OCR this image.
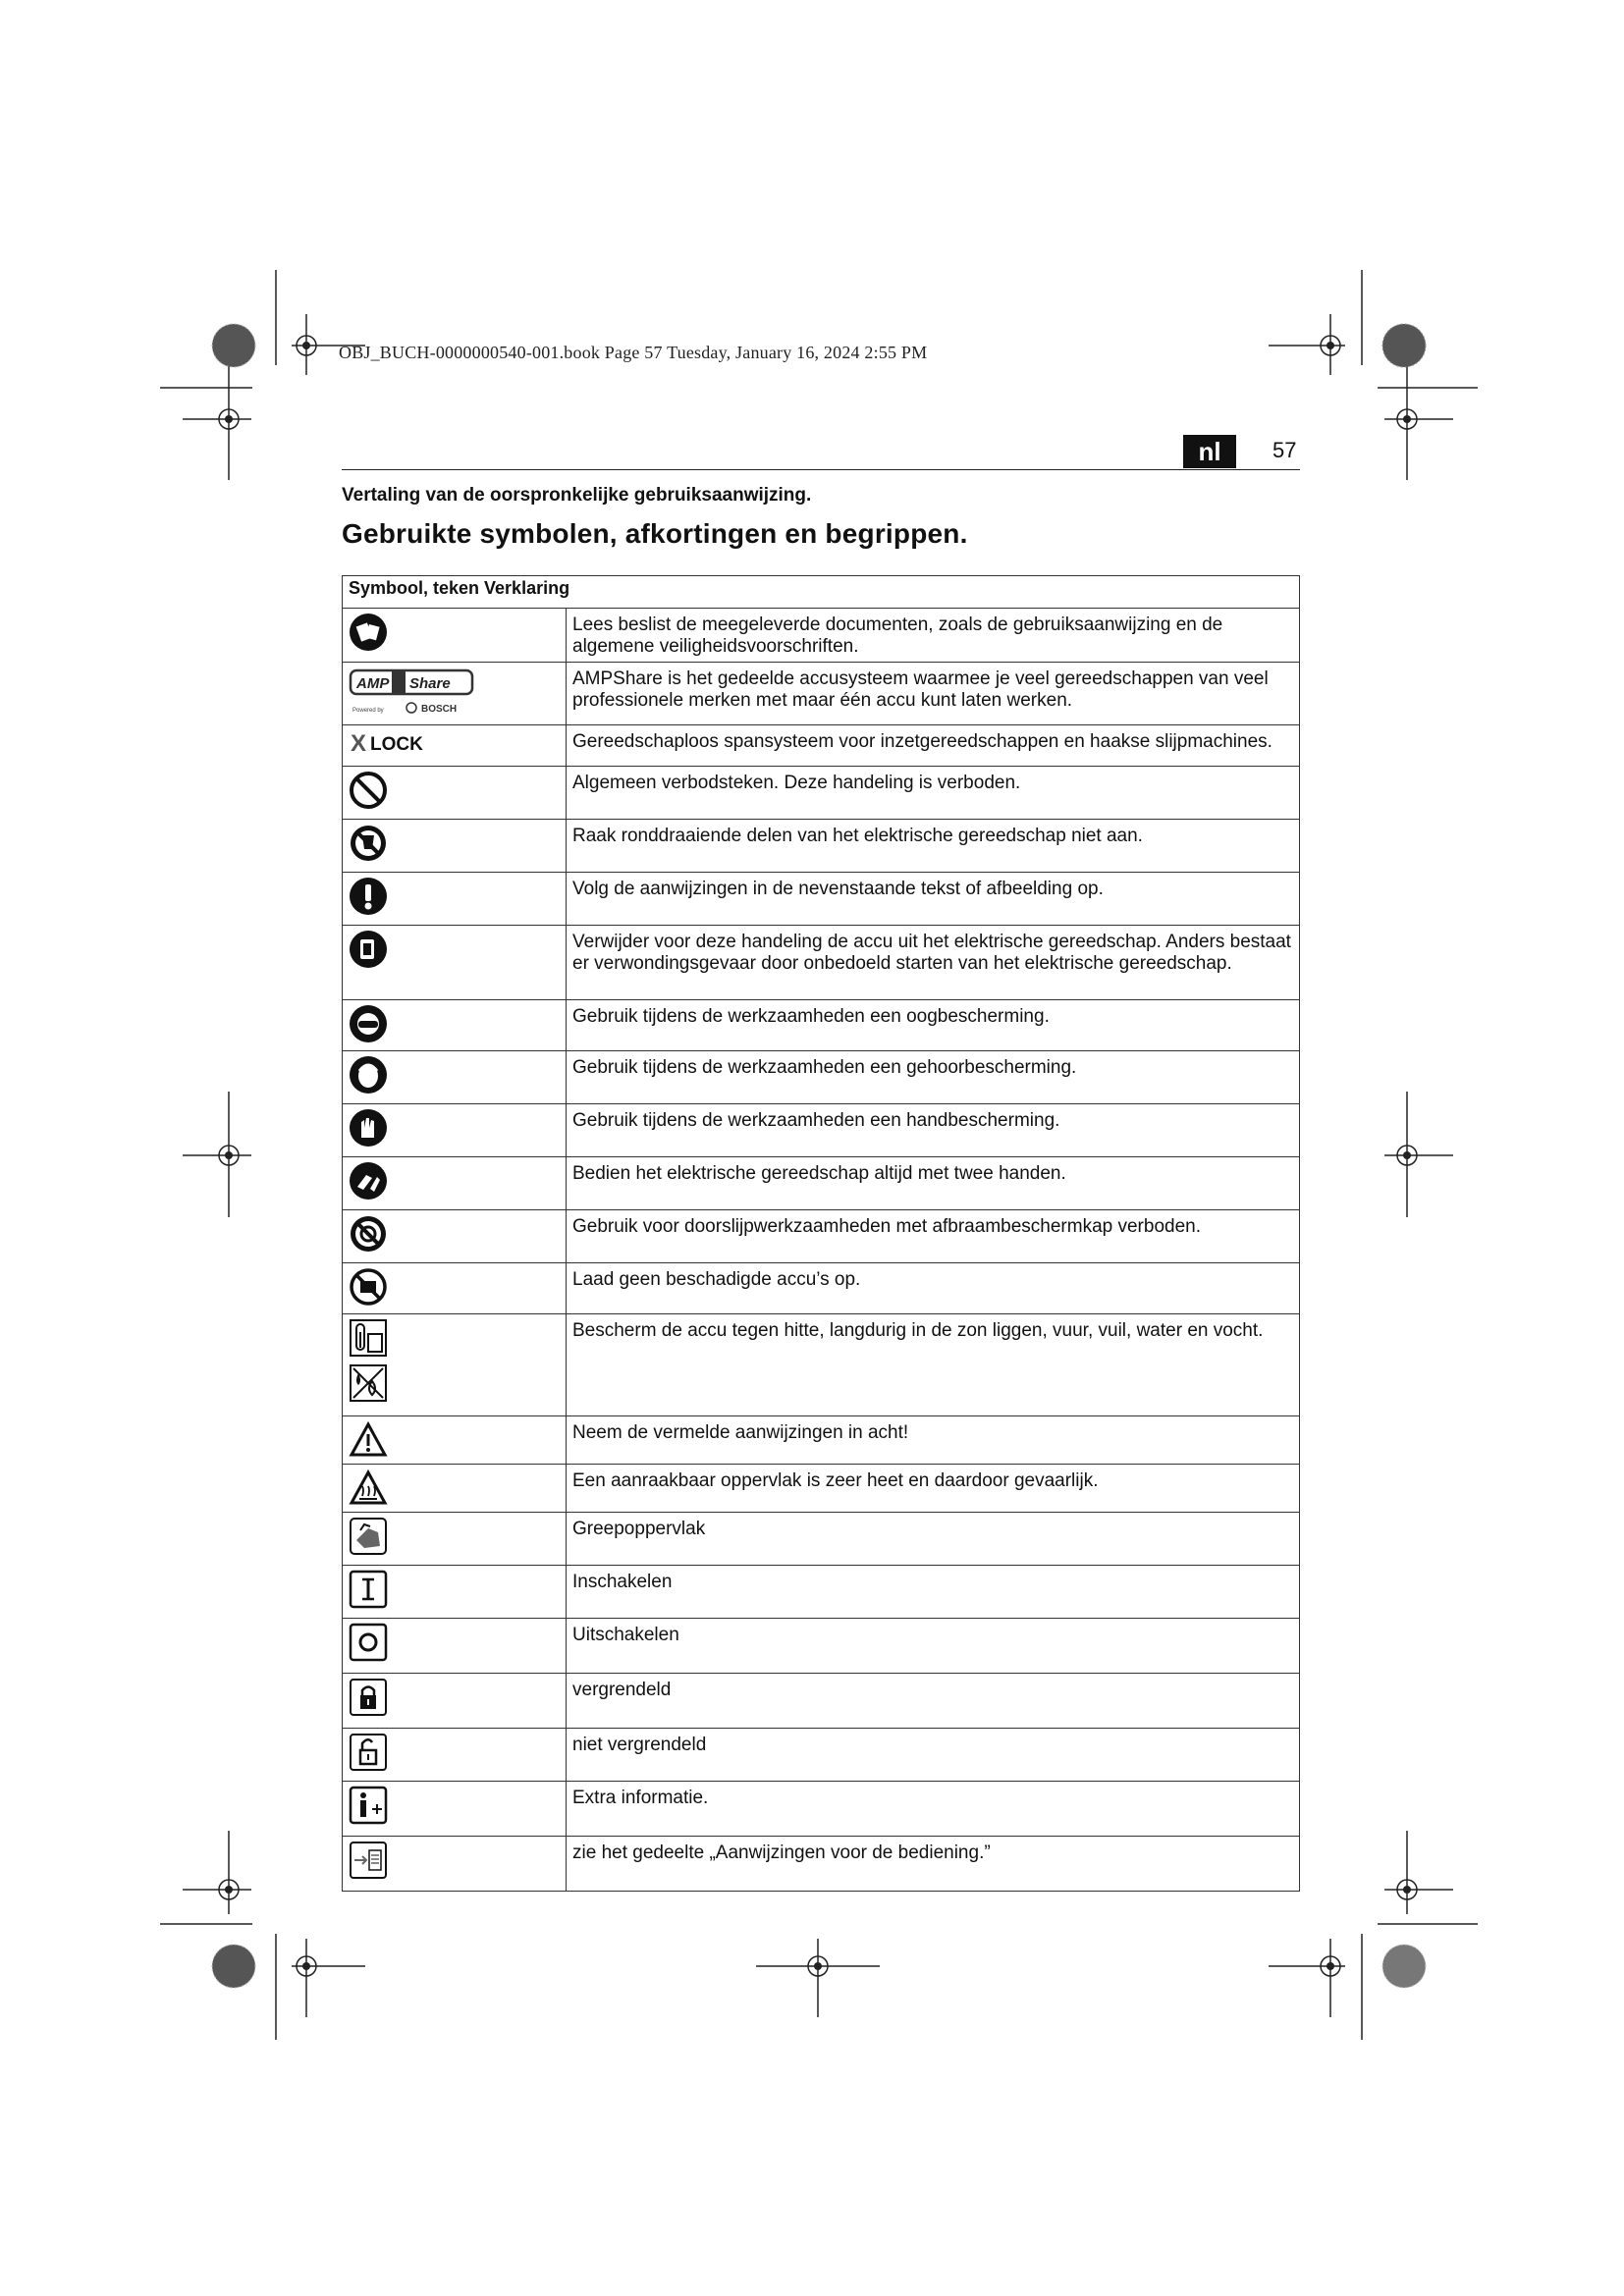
OBJ_BUCH-0000000540-001.book Page 57 Tuesday, January 16, 2024 2:55 PM
nl	57
Vertaling van de oorspronkelijke gebruiksaanwijzing.
Gebruikte symbolen, afkortingen en begrippen.
Symbool, teken Verklaring	

	Lees beslist de meegeleverde documenten, zoals de gebruiksaanwijzing en de algemene veiligheidsvoorschriften.

AMP Share
Powered by BOSCH	AMPShare is het gedeelde accusysteem waarmee je veel gereedschappen van veel professionele merken met maar één accu kunt laten werken.

X LOCK	Gereedschaploos spansysteem voor inzetgereedschappen en haakse slijpmachines.

	Algemeen verbodsteken. Deze handeling is verboden.

	Raak ronddraaiende delen van het elektrische gereedschap niet aan.

	Volg de aanwijzingen in de nevenstaande tekst of afbeelding op.

	Verwijder voor deze handeling de accu uit het elektrische gereedschap. Anders bestaat er verwondingsgevaar door onbedoeld starten van het elektrische gereedschap.

	Gebruik tijdens de werkzaamheden een oogbescherming.

	Gebruik tijdens de werkzaamheden een gehoorbescherming.

	Gebruik tijdens de werkzaamheden een handbescherming.

	Bedien het elektrische gereedschap altijd met twee handen.

	Gebruik voor doorslijpwerkzaamheden met afbraambeschermkap verboden.

	Laad geen beschadigde accu’s op.

	Bescherm de accu tegen hitte, langdurig in de zon liggen, vuur, vuil, water en vocht.

	Neem de vermelde aanwijzingen in acht!

	Een aanraakbaar oppervlak is zeer heet en daardoor gevaarlijk.

	Greepoppervlak

	Inschakelen

	Uitschakelen

	vergrendeld

	niet vergrendeld

	Extra informatie.

	zie het gedeelte „Aanwijzingen voor de bediening.”
